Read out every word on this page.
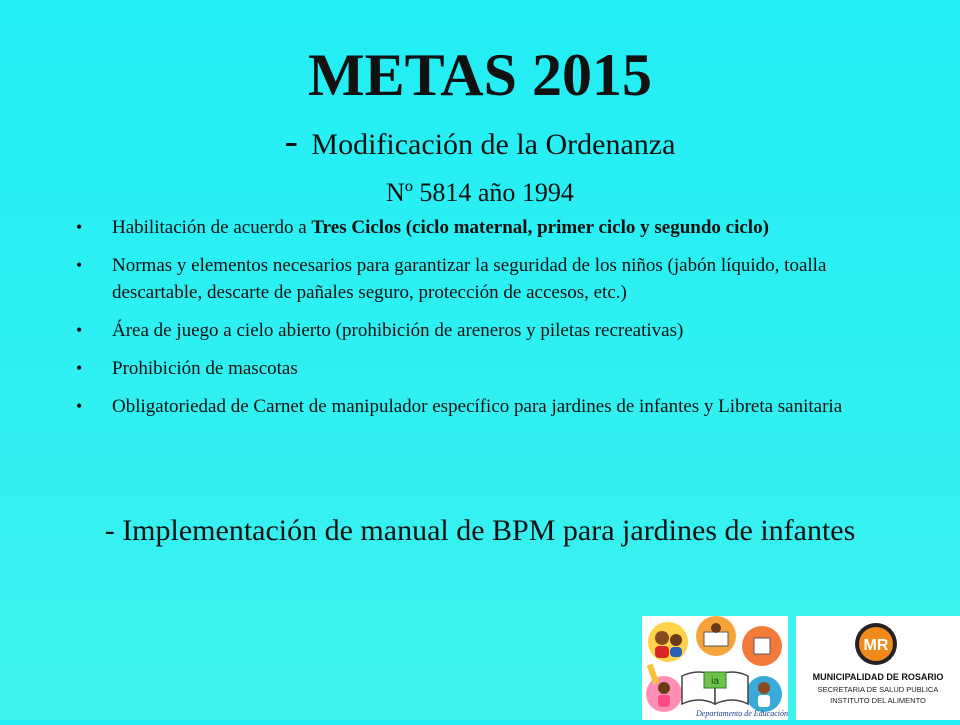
METAS 2015
- Modificación de la Ordenanza
Nº 5814 año 1994
• Habilitación de acuerdo a Tres Ciclos (ciclo maternal, primer ciclo y segundo ciclo)
• Normas y elementos necesarios para garantizar la seguridad de los niños (jabón líquido, toalla descartable, descarte de pañales seguro, protección de accesos, etc.)
• Área de juego a cielo abierto (prohibición de areneros y piletas recreativas)
• Prohibición de mascotas
• Obligatoriedad de Carnet de manipulador específico para jardines de infantes y Libreta sanitaria
- Implementación de manual de BPM para jardines de infantes
ia
Departamento de Educación
MR
MUNICIPALIDAD DE ROSARIO
SECRETARIA DE SALUD PUBLICA
INSTITUTO DEL ALIMENTO
